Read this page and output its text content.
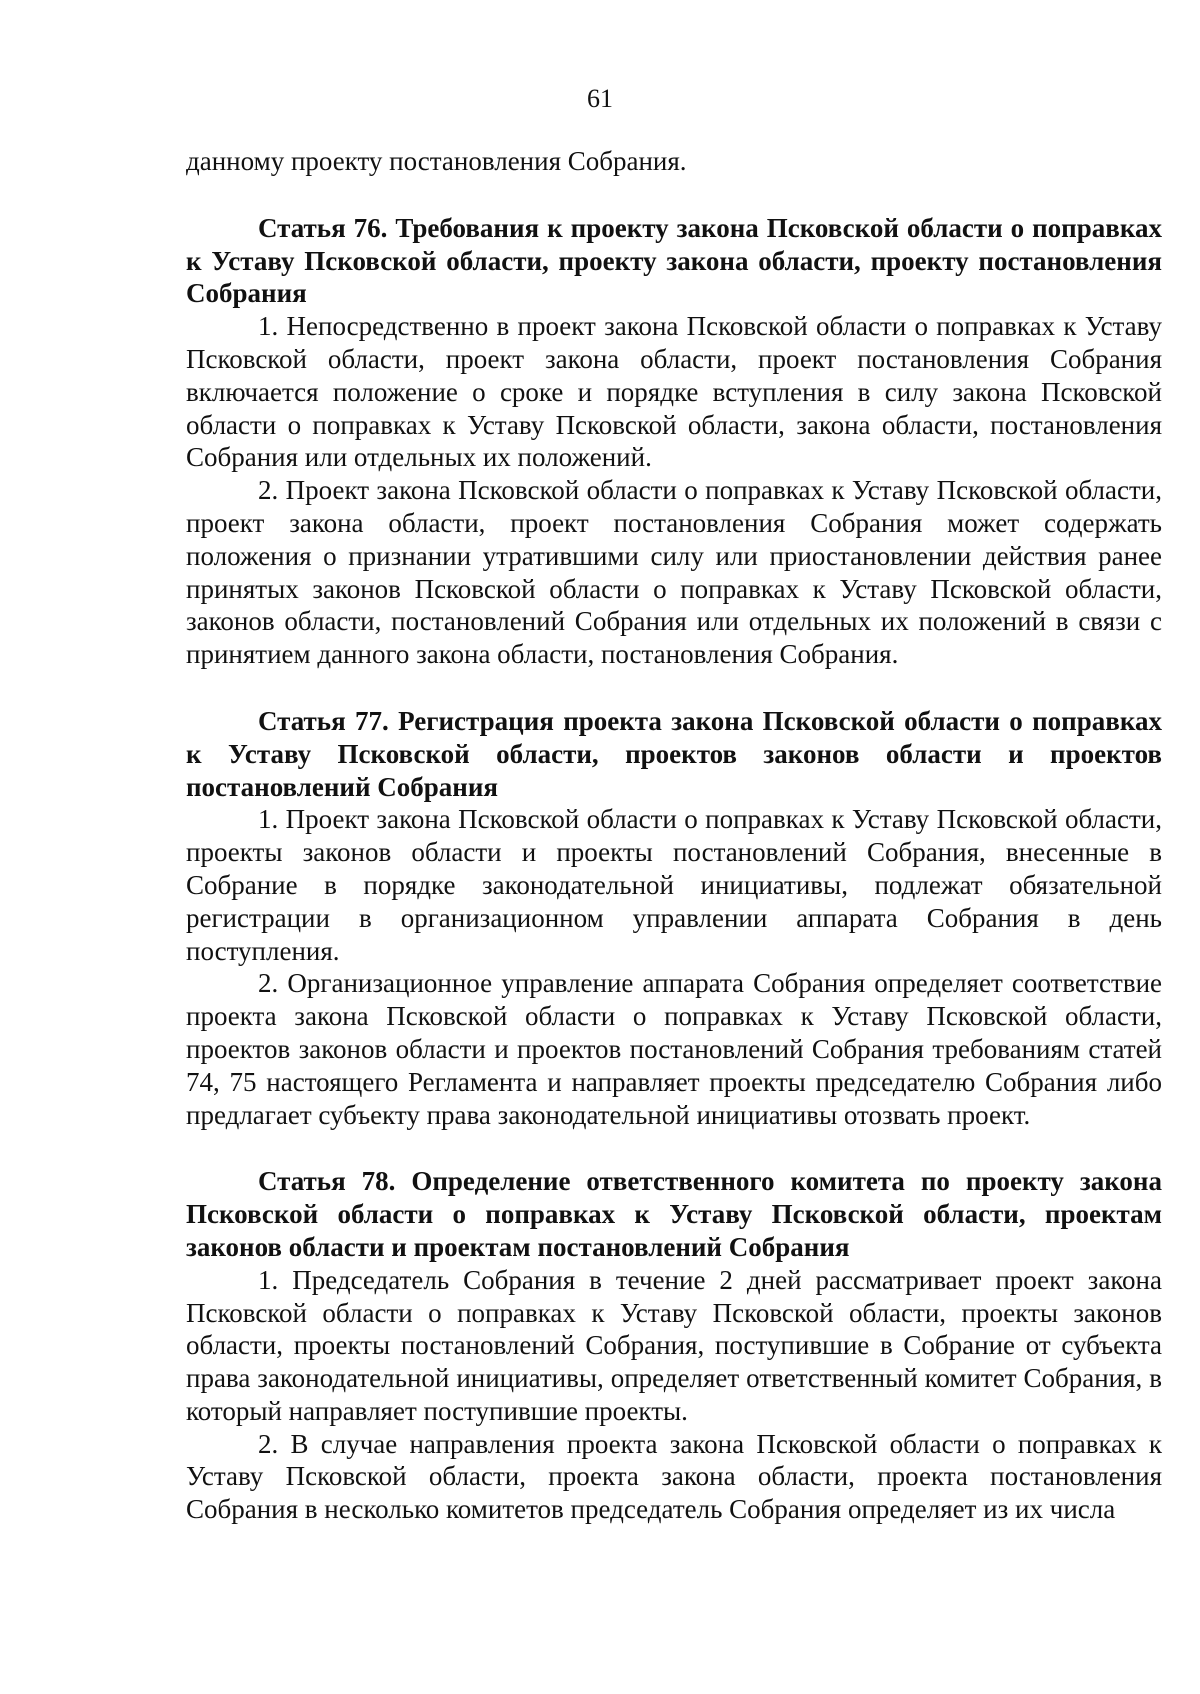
61

данному проекту постановления Собрания.

Статья 76. Требования к проекту закона Псковской области о поправках к Уставу Псковской области, проекту закона области, проекту постановления Собрания

1. Непосредственно в проект закона Псковской области о поправках к Уставу Псковской области, проект закона области, проект постановления Собрания включается положение о сроке и порядке вступления в силу закона Псковской области о поправках к Уставу Псковской области, закона области, постановления Собрания или отдельных их положений.

2. Проект закона Псковской области о поправках к Уставу Псковской области, проект закона области, проект постановления Собрания может содержать положения о признании утратившими силу или приостановлении действия ранее принятых законов Псковской области о поправках к Уставу Псковской области, законов области, постановлений Собрания или отдельных их положений в связи с принятием данного закона области, постановления Собрания.

Статья 77. Регистрация проекта закона Псковской области о поправках к Уставу Псковской области, проектов законов области и проектов постановлений Собрания

1. Проект закона Псковской области о поправках к Уставу Псковской области, проекты законов области и проекты постановлений Собрания, внесенные в Собрание в порядке законодательной инициативы, подлежат обязательной регистрации в организационном управлении аппарата Собрания в день поступления.

2. Организационное управление аппарата Собрания определяет соответствие проекта закона Псковской области о поправках к Уставу Псковской области, проектов законов области и проектов постановлений Собрания требованиям статей 74, 75 настоящего Регламента и направляет проекты председателю Собрания либо предлагает субъекту права законодательной инициативы отозвать проект.

Статья 78. Определение ответственного комитета по проекту закона Псковской области о поправках к Уставу Псковской области, проектам законов области и проектам постановлений Собрания

1. Председатель Собрания в течение 2 дней рассматривает проект закона Псковской области о поправках к Уставу Псковской области, проекты законов области, проекты постановлений Собрания, поступившие в Собрание от субъекта права законодательной инициативы, определяет ответственный комитет Собрания, в который направляет поступившие проекты.

2. В случае направления проекта закона Псковской области о поправках к Уставу Псковской области, проекта закона области, проекта постановления Собрания в несколько комитетов председатель Собрания определяет из их числа
